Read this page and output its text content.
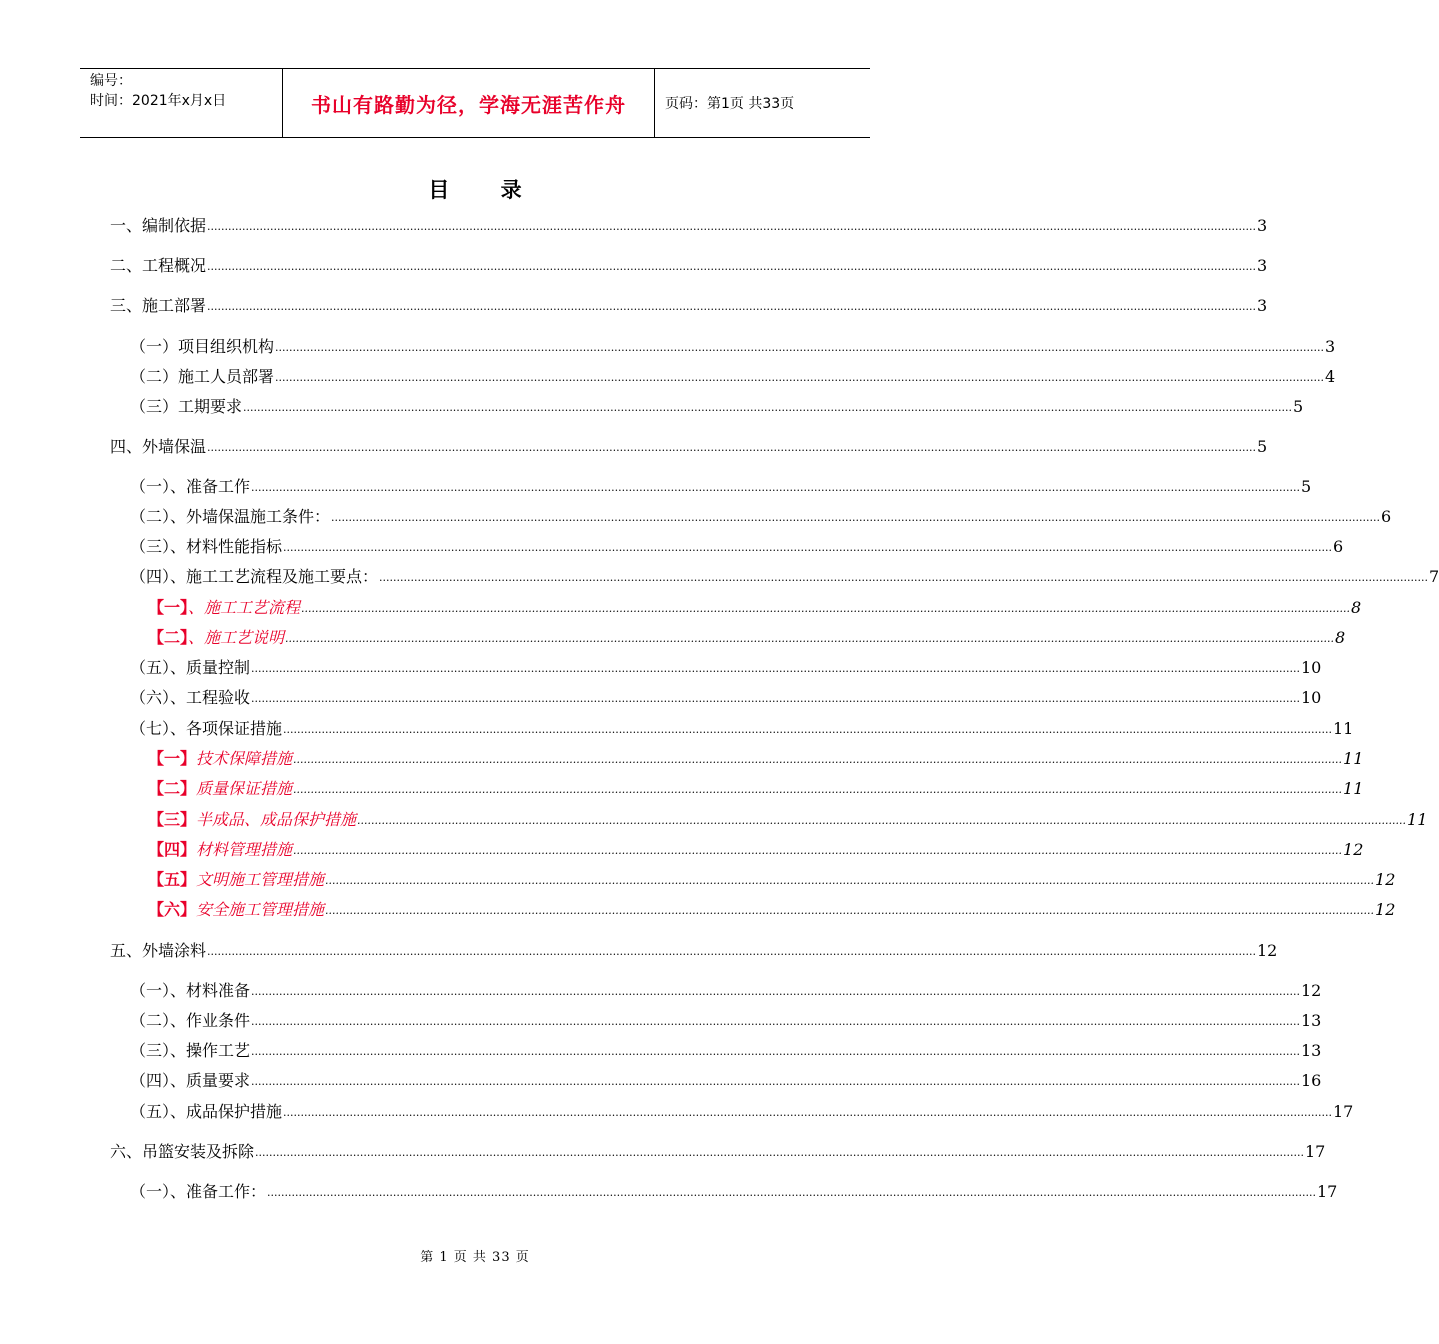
编号：
时间：2021年x月x日	书山有路勤为径，学海无涯苦作舟	页码：第1页 共33页
目 录
一、编制依据 ............................................................................................................................................................................................................................................................................................................ 3
二、工程概况 ............................................................................................................................................................................................................................................................................................................ 3
三、施工部署 ............................................................................................................................................................................................................................................................................................................ 3
（一）项目组织机构 ............................................................................................................................................................................................................................................................................................................ 3
（二）施工人员部署 ............................................................................................................................................................................................................................................................................................................ 4
（三）工期要求 ............................................................................................................................................................................................................................................................................................................ 5
四、外墙保温 ............................................................................................................................................................................................................................................................................................................ 5
（一）、准备工作 ............................................................................................................................................................................................................................................................................................................ 5
（二）、外墙保温施工条件： ............................................................................................................................................................................................................................................................................................................ 6
（三）、材料性能指标 ............................................................................................................................................................................................................................................................................................................ 6
（四）、施工工艺流程及施工要点： ............................................................................................................................................................................................................................................................................................................ 7
【一】、施工工艺流程 ............................................................................................................................................................................................................................................................................................................ 8
【二】、施工艺说明 ............................................................................................................................................................................................................................................................................................................ 8
（五）、质量控制 ............................................................................................................................................................................................................................................................................................................ 10
（六）、工程验收 ............................................................................................................................................................................................................................................................................................................ 10
（七）、各项保证措施 ............................................................................................................................................................................................................................................................................................................ 11
【一】技术保障措施 ............................................................................................................................................................................................................................................................................................................ 11
【二】质量保证措施 ............................................................................................................................................................................................................................................................................................................ 11
【三】半成品、成品保护措施 ............................................................................................................................................................................................................................................................................................................ 11
【四】材料管理措施 ............................................................................................................................................................................................................................................................................................................ 12
【五】文明施工管理措施 ............................................................................................................................................................................................................................................................................................................ 12
【六】安全施工管理措施 ............................................................................................................................................................................................................................................................................................................ 12
五、外墙涂料 ............................................................................................................................................................................................................................................................................................................ 12
（一）、材料准备 ............................................................................................................................................................................................................................................................................................................ 12
（二）、作业条件 ............................................................................................................................................................................................................................................................................................................ 13
（三）、操作工艺 ............................................................................................................................................................................................................................................................................................................ 13
（四）、质量要求 ............................................................................................................................................................................................................................................................................................................ 16
（五）、成品保护措施 ............................................................................................................................................................................................................................................................................................................ 17
六、吊篮安装及拆除 ............................................................................................................................................................................................................................................................................................................ 17
（一）、准备工作： ............................................................................................................................................................................................................................................................................................................ 17
第 1 页 共 33 页
